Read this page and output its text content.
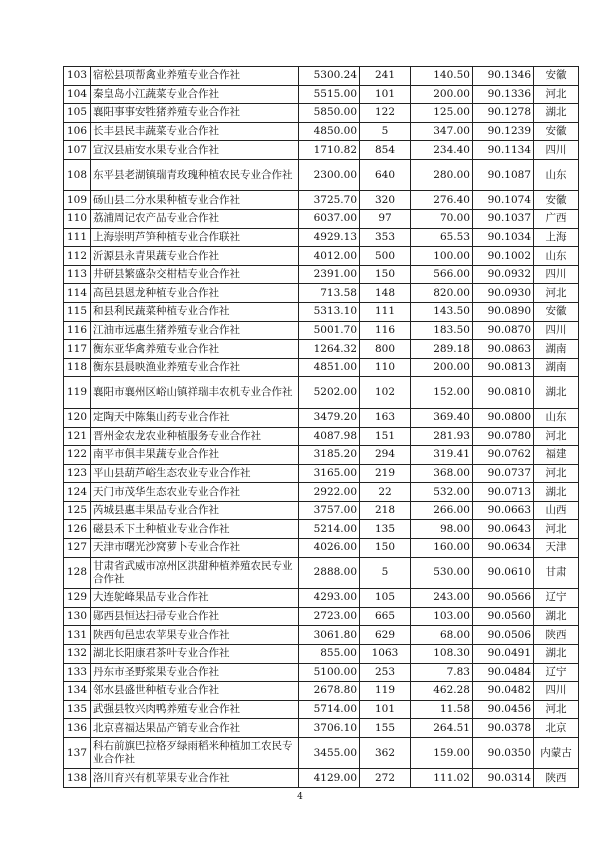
103	宿松县项帮禽业养殖专业合作社	5300.24	241	140.50	90.1346	安徽
104	秦皇岛小江蔬菜专业合作社	5515.00	101	200.00	90.1336	河北
105	襄阳事事安牲猪养殖专业合作社	5850.00	122	125.00	90.1278	湖北
106	长丰县民丰蔬菜专业合作社	4850.00	5	347.00	90.1239	安徽
107	宣汉县庙安水果专业合作社	1710.82	854	234.40	90.1134	四川
108	东平县老湖镇瑞青玫瑰种植农民专业合作社	2300.00	640	280.00	90.1087	山东
109	砀山县二分水果种植专业合作社	3725.70	320	276.40	90.1074	安徽
110	荔浦周记农产品专业合作社	6037.00	97	70.00	90.1037	广西
111	上海崇明芦笋种植专业合作联社	4929.13	353	65.53	90.1034	上海
112	沂源县永青果蔬专业合作社	4012.00	500	100.00	90.1002	山东
113	井研县繁盛杂交柑桔专业合作社	2391.00	150	566.00	90.0932	四川
114	高邑县恩龙种植专业合作社	713.58	148	820.00	90.0930	河北
115	和县利民蔬菜种植专业合作社	5313.10	111	143.50	90.0890	安徽
116	江油市远惠生猪养殖专业合作社	5001.70	116	183.50	90.0870	四川
117	衡东亚华禽养殖专业合作社	1264.32	800	289.18	90.0863	湖南
118	衡东县晨映渔业养殖专业合作社	4851.00	110	200.00	90.0813	湖南
119	襄阳市襄州区峪山镇祥瑞丰农机专业合作社	5202.00	102	152.00	90.0810	湖北
120	定陶天中陈集山药专业合作社	3479.20	163	369.40	90.0800	山东
121	晋州金农龙农业种植服务专业合作社	4087.98	151	281.93	90.0780	河北
122	南平市俱丰果蔬专业合作社	3185.20	294	319.41	90.0762	福建
123	平山县葫芦峪生态农业专业合作社	3165.00	219	368.00	90.0737	河北
124	天门市茂华生态农业专业合作社	2922.00	22	532.00	90.0713	湖北
125	芮城县惠丰果品专业合作社	3757.00	218	266.00	90.0663	山西
126	磁县禾下土种植业专业合作社	5214.00	135	98.00	90.0643	河北
127	天津市曙光沙窝萝卜专业合作社	4026.00	150	160.00	90.0634	天津
128	甘肃省武威市凉州区洪甜种植养殖农民专业合作社	2888.00	5	530.00	90.0610	甘肃
129	大连鸵峰果品专业合作社	4293.00	105	243.00	90.0566	辽宁
130	郧西县恒达扫帚专业合作社	2723.00	665	103.00	90.0560	湖北
131	陕西旬邑忠农苹果专业合作社	3061.80	629	68.00	90.0506	陕西
132	湖北长阳康君茶叶专业合作社	855.00	1063	108.30	90.0491	湖北
133	丹东市圣野浆果专业合作社	5100.00	253	7.83	90.0484	辽宁
134	邻水县盛世种植专业合作社	2678.80	119	462.28	90.0482	四川
135	武强县牧兴肉鸭养殖专业合作社	5714.00	101	11.58	90.0456	河北
136	北京喜福达果品产销专业合作社	3706.10	155	264.51	90.0378	北京
137	科右前旗巴拉格歹绿雨稻米种植加工农民专业合作社	3455.00	362	159.00	90.0350	内蒙古
138	洛川育兴有机苹果专业合作社	4129.00	272	111.02	90.0314	陕西
4
